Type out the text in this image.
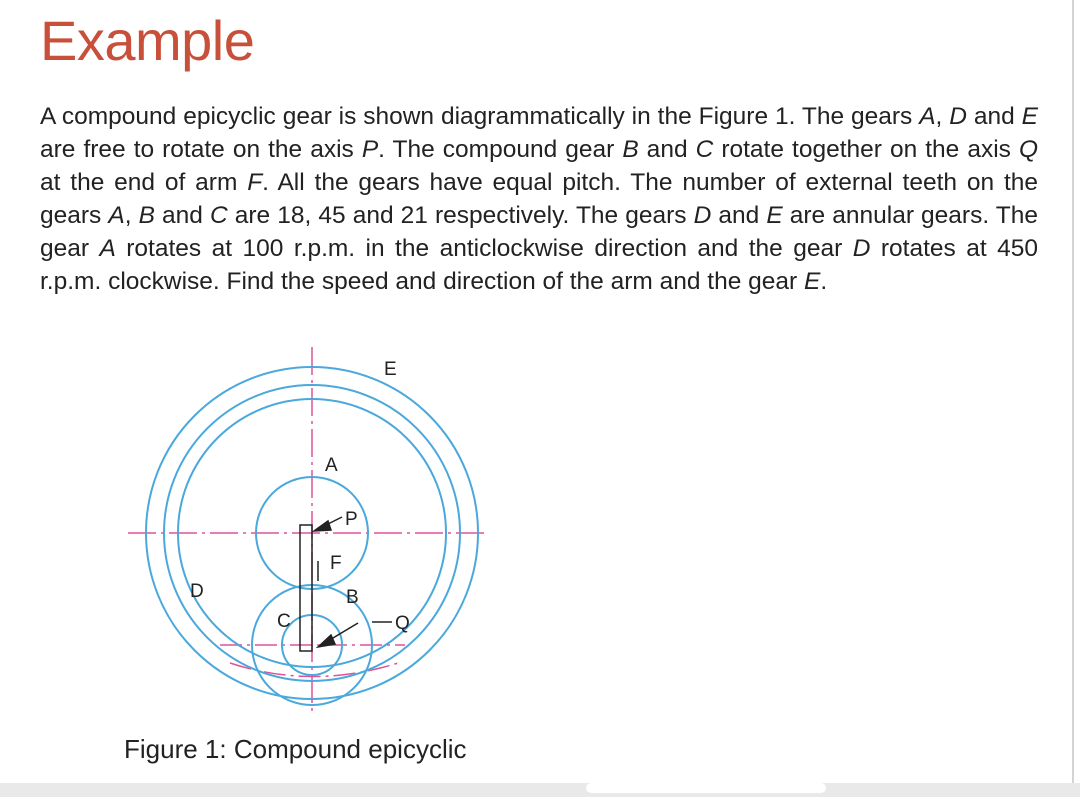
Example
A compound epicyclic gear is shown diagrammatically in the Figure 1. The gears A, D and E are free to rotate on the axis P. The compound gear B and C rotate together on the axis Q at the end of arm F. All the gears have equal pitch. The number of external teeth on the gears A, B and C are 18, 45 and 21 respectively. The gears D and E are annular gears. The gear A rotates at 100 r.p.m. in the anticlockwise direction and the gear D rotates at 450 r.p.m. clockwise. Find the speed and direction of the arm and the gear E.
E
A
P
F
D	B
C	Q
Figure 1: Compound epicyclic
